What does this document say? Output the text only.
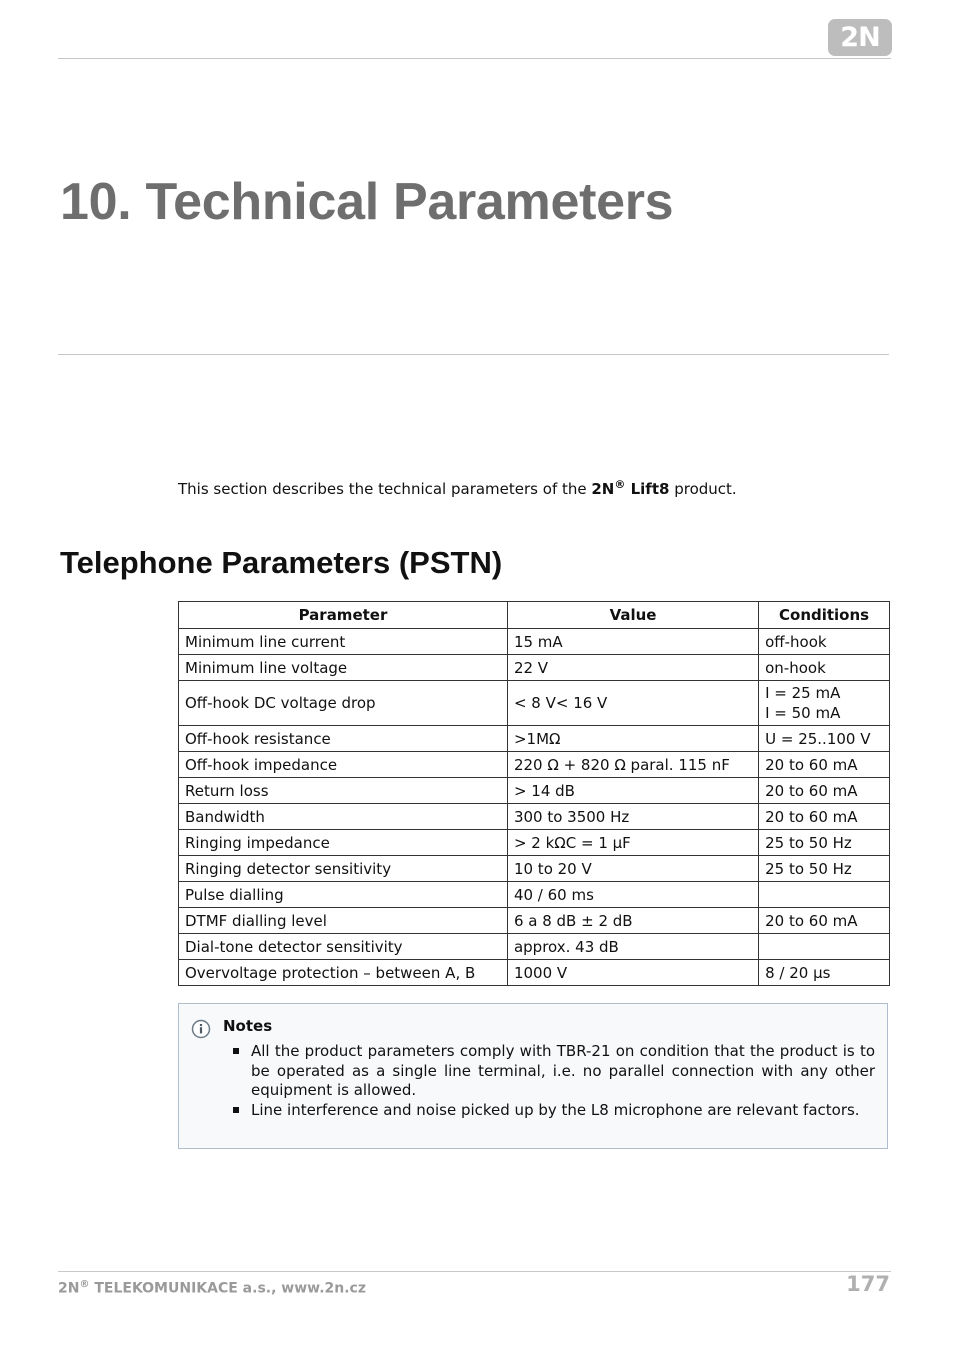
2N
10. Technical Parameters

This section describes the technical parameters of the 2N® Lift8 product.

Telephone Parameters (PSTN)
Parameter	Value	Conditions
Minimum line current	15 mA	off-hook
Minimum line voltage	22 V	on-hook
Off-hook DC voltage drop	< 8 V< 16 V	I = 25 mA
I = 50 mA
Off-hook resistance	>1MΩ	U = 25..100 V
Off-hook impedance	220 Ω + 820 Ω paral. 115 nF	20 to 60 mA
Return loss	> 14 dB	20 to 60 mA
Bandwidth	300 to 3500 Hz	20 to 60 mA
Ringing impedance	> 2 kΩC = 1 μF	25 to 50 Hz
Ringing detector sensitivity	10 to 20 V	25 to 50 Hz
Pulse dialling	40 / 60 ms	
DTMF dialling level	6 a 8 dB ± 2 dB	20 to 60 mA
Dial-tone detector sensitivity	approx. 43 dB	
Overvoltage protection – between A, B	1000 V	8 / 20 μs
Notes
All the product parameters comply with TBR-21 on condition that the product is to be operated as a single line terminal, i.e. no parallel connection with any other equipment is allowed.
Line interference and noise picked up by the L8 microphone are relevant factors.
2N® TELEKOMUNIKACE a.s., www.2n.cz	177
